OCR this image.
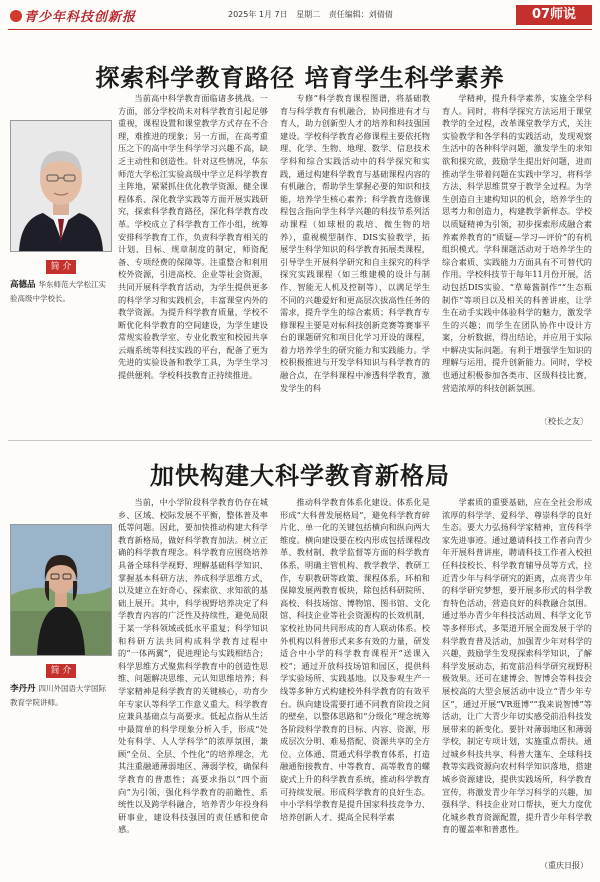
青少年科技创新报	2025年 1月 7日 星期二 责任编辑：刘倩倩	07师说
探索科学教育路径 培育学生科学素养
简 介
高德品 华东师范大学松江实验高级中学校长。

当前高中科学教育面临诸多挑战。一方面，部分学校尚未对科学教育引起足够重视，课程设置和课堂教学方式存在不合理，难推进的现象；另一方面，在高考重压之下的高中学生科学学习兴趣不高，缺乏主动性和创造性。针对这些情况，华东师范大学松江实验高级中学立足科学教育主阵地，紧紧抓住优化教学资源、健全课程体系、深化教学实践等方面开展实践研究，探索科学教育路径，深化科学教育改革。学校成立了科学教育工作小组，统筹安排科学教育工作，负责科学教育相关的计划、目标、规章制度的制定，师资配备、专项经费的保障等。注重整合和利用校外资源，引进高校、企业等社会资源，共同开展科学教育活动，为学生提供更多的科学学习和实践机会，丰富课堂内外的教学资源。为提升科学教育质量，学校不断优化科学教育的空间建设，为学生建设常规实验教学室、专业化教室和校园共享云端系统等科技实践的平台，配备了更为先进的实验设备和教学工具，为学生学习提供便利。学校科技教育正持续推进。

专修“科学教育课程图谱，将基础教育与科学教育有机融合，协同推进有才与育人，助力创新型人才的培养和科技强国建设。学校科学教育必修课程主要依托物理、化学、生物、地理、数学、信息技术学科和综合实践活动中的科学探究和实践，通过构建科学教育与基础课程内容的有机融合，帮助学生掌握必要的知识和技能，培养学生核心素养；科学教育选修课程包含指向学生科学兴趣的科技节系列活动课程（如球根的栽培、微生物的培养），重视模型制作、DIS实验教学，拓展学生科学知识的科学教育拓展类课程，引导学生开展科学研究和自主探究的科学探究实践课程（如三维建模的设计与制作、智能无人机及控制等），以满足学生不同的兴趣爱好和更高层次拔高性任务的需求，提升学生的综合素质；科学教育专修课程主要是对标科技创新竞赛等赛事平台的课题研究和项目化学习开设的课程，着力培养学生的研究能力和实践能力。学校积极推进与开发学科知识与科学教育的融合点，在学科课程中渗透科学教育，激发学生的科

学精神，提升科学素养，实施全学科育人。同时，将科学探究方法运用于课堂教学的全过程，改革课堂教学方式，关注实验教学和各学科的实践活动，发现观察生活中的各种科学问题，激发学生的求知欲和探究欲，鼓励学生提出好问题，进而推动学生带着问题在实践中学习，将科学方法、科学思维贯穿于教学全过程。为学生创造自主建构知识的机会，培养学生的思考力和创造力，构建教学新样态。学校以质疑精神为引领，初步探索形成融合素养素养教育的“质疑—学习—评价”的有机组织模式。学科课题活动对于培养学生的综合素质、实践能力方面具有不可替代的作用。学校科技节于每年11月份开展，活动包括DIS实验、“草莓酱制作”“生态瓶制作”等项目以及相关的科普讲座，让学生在动手实践中体验科学的魅力，激发学生的兴趣；而学生在团队协作中设计方案，分析数据，得出结论，并应用于实际中解决实际问题。有利于增强学生知识的理解与运用，提升创新能力。同时，学校也通过积极参加各类市、区级科技比赛，营造浓厚的科技创新氛围。

〔校长之友〕
加快构建大科学教育新格局
简 介
李丹丹 四川外国语大学国际教育学院讲师。

当前，中小学阶段科学教育仍存在城乡、区域、校际发展不平衡，整体普及率低等问题。因此，要加快推动构建大科学教育新格局，做好科学教育加法。树立正确的科学教育理念。科学教育应围绕培养具备全球科学视野、理解基础科学知识、掌握基本科研方法、养成科学思维方式，以及建立在好奇心、探索欲、求知欲的基础上展开。其中，科学视野培养决定了科学教育内容的广泛性及持续性，避免局限于某一学科领域或低水平重复；科学知识和科研方法共同构成科学教育过程中的“一体两翼”，促进理论与实践相结合；科学思维方式聚焦科学教育中的创造性思维、问题解决思维、元认知思维培养；科学家精神是科学教育的关键核心，功育少年专家认等科学工作意义重大。科学教育应兼具基础点与高要求。低起点指从生活中最简单的科学现象分析入手，形成“处处有科学、人人学科学”的浓厚氛围，兼顾“全员、全层、个性化”的培养理念，尤其注重融通薄弱地区、薄弱学校，确保科学教育的普惠性；高要求指以“四个面向”为引领，强化科学教育的前瞻性、系统性以及跨学科融合，培养青少年投身科研事业，建设科技强国的责任感和使命感。

推动科学教育体系化建设。体系化是形成“大科普发展格局”，避免科学教育碎片化、单一化的关键包括横向和纵向两大维度。横向建设要在校内形成包括课程改革、教材制、教学监督等方面的科学教育体系，明确主管机构、教学教学、教研工作，专职教研等政策、课程体系，环柏和保障发展两教育板块，除包括科研院所、高校、科技场馆、博物馆、图书馆、文化馆、科技企业等社会资源构的长效机制，家校社协同共同形成的育人联动体系。校外机构以科普形式来多有效的力量，研发适合中小学的科学教育课程开“送课入校”；通过开放科技场馆和园区，提供科学实验场所、实践基地。以及参观生产一线等多种方式构建校外科学教育的有效平台。纵向建设需要打通不同教育阶段之间的壁垒，以整体思路和“分级化”理念统筹各阶段科学教育的目标、内容、资源，形成层次分明、难易搭配、资源共享的全方位、立体通、贯通式科学教育体系，打造融通衔接教育、中等教育、高等教育的螺旋式上升的科学教育系统，推动科学教育可持续发展。形成科学教育的良好生态。中小学科学教育是提升国家科技竞争力、培养创新人才、提高全民科学素

学素质的重要基础，应在全社会形成浓厚的科学学、爱科学、尊崇科学的良好生态。要大力弘扬科学家精神，宣传科学家先进事迹。通过邀请科技工作者向青少年开展科普讲座，聘请科技工作者入校担任科技校长、科学教育辅导员等方式，拉近青少年与科学研究的距离，点亮青少年的科学研究梦想，要开展多形式的科学教育特色活动，营造良好的科教融合氛围。通过举办青少年科技活动周、科学文化节等多样形式，多渠道开展全面发展于学的科学教育普及活动，加强青少年对科学的兴趣，鼓励学生发现探索科学知识，了解科学发展动态，拓宽前沿科学研究视野积极效果。还可在建博会、智博会等科技会展校高的大型会展活动中设立“青少年专区”，通过开展“VR逛博”“我来说智博”等活动，让广大青少年切实感受前沿科技发展带来的新变化。要针对薄弱地区和薄弱学校，制定专项计划，实施重点帮扶。通过城乡科技共享、科普大篷车、全球科技教等实践资源向农村科学知识落地，搭建城乡资源建设，提供实践场所，科学教育宣传，将激发青少年学习科学的兴趣，加强科学、科技企业对口帮扶，更大力度优化城乡教育资源配置，提升青少年科学教育的覆盖率和普惠性。

（重庆日报）
